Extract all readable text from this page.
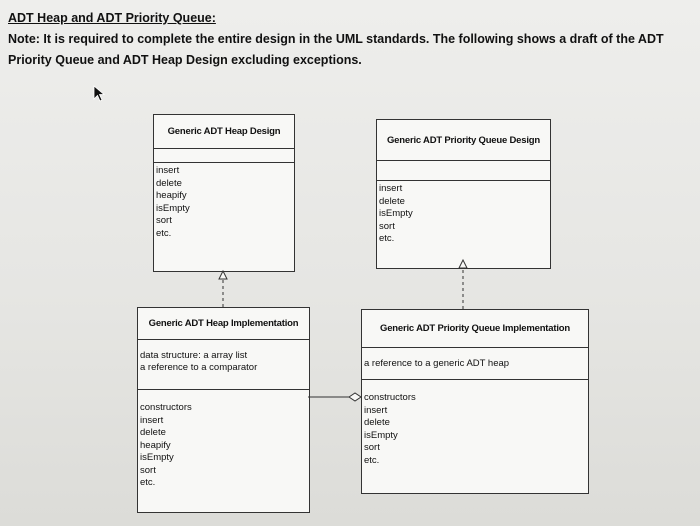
ADT Heap and ADT Priority Queue:
Note: It is required to complete the entire design in the UML standards. The following shows a draft of the ADT Priority Queue and ADT Heap Design excluding exceptions.
Generic ADT Heap Design
insert
delete
heapify
isEmpty
sort
etc.
Generic ADT Priority Queue Design
insert
delete
isEmpty
sort
etc.
Generic ADT Heap Implementation
data structure: a array list
a reference to a comparator
constructors
insert
delete
heapify
isEmpty
sort
etc.
Generic ADT Priority Queue Implementation
a reference to a generic ADT heap
constructors
insert
delete
isEmpty
sort
etc.
